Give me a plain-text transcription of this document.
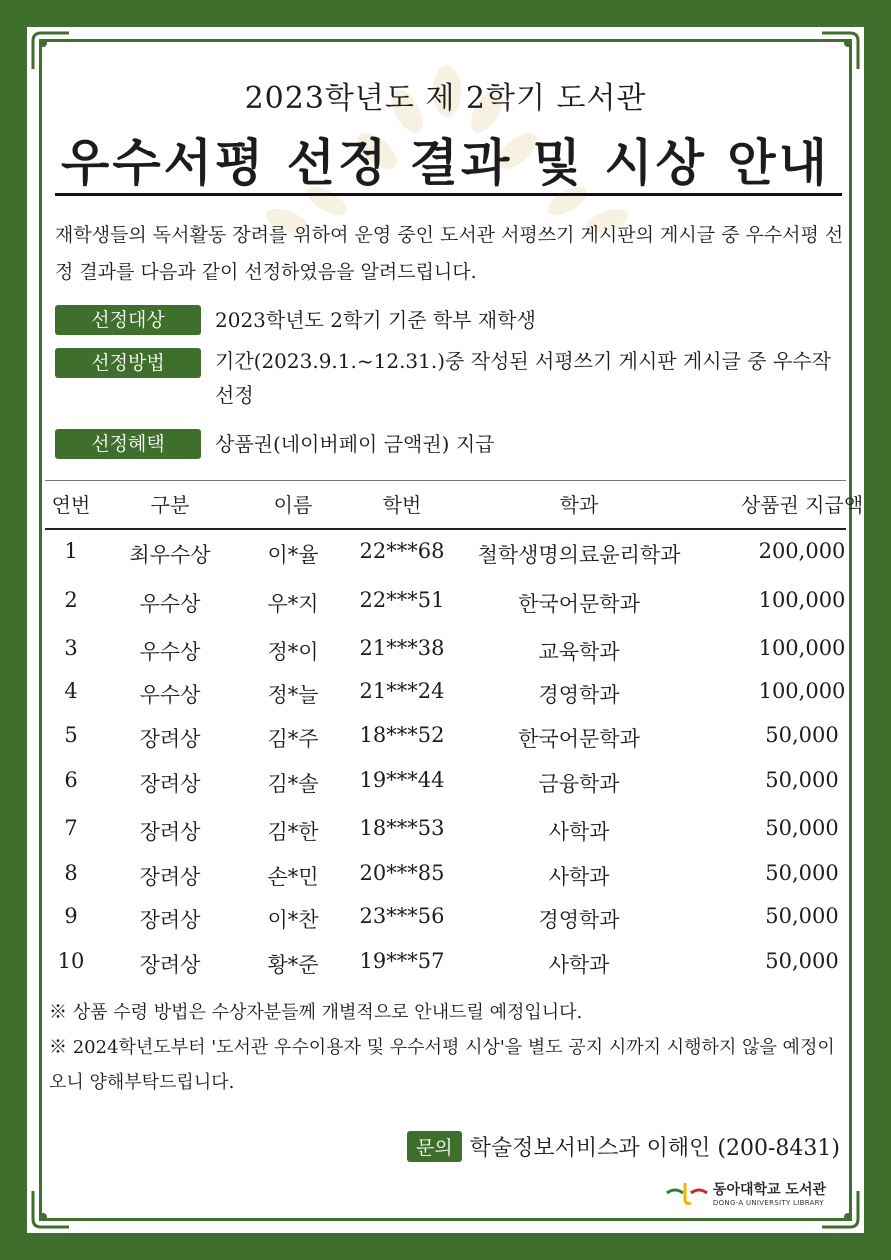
2023학년도 제 2학기 도서관
우수서평 선정 결과 및 시상 안내
재학생들의 독서활동 장려를 위하여 운영 중인 도서관 서평쓰기 게시판의 게시글 중 우수서평 선정 결과를 다음과 같이 선정하였음을 알려드립니다.
선정대상	2023학년도 2학기 기준 학부 재학생
선정방법	기간(2023.9.1.~12.31.)중 작성된 서평쓰기 게시판 게시글 중 우수작 선정
선정혜택	상품권(네이버페이 금액권) 지급
연번	구분	이름	학번	학과	상품권 지급액
1	최우수상	이*율	22***68	철학생명의료윤리학과	200,000
2	우수상	우*지	22***51	한국어문학과	100,000
3	우수상	정*이	21***38	교육학과	100,000
4	우수상	정*늘	21***24	경영학과	100,000
5	장려상	김*주	18***52	한국어문학과	50,000
6	장려상	김*솔	19***44	금융학과	50,000
7	장려상	김*한	18***53	사학과	50,000
8	장려상	손*민	20***85	사학과	50,000
9	장려상	이*찬	23***56	경영학과	50,000
10	장려상	황*준	19***57	사학과	50,000
※ 상품 수령 방법은 수상자분들께 개별적으로 안내드릴 예정입니다.
※ 2024학년도부터 '도서관 우수이용자 및 우수서평 시상'을 별도 공지 시까지 시행하지 않을 예정이오니 양해부탁드립니다.
문의 학술정보서비스과 이해인 (200-8431)
동아대학교 도서관
DONG-A UNIVERSITY LIBRARY
